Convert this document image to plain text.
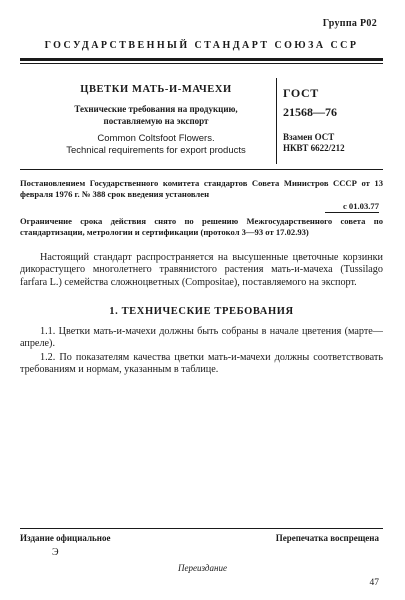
Группа Р02
ГОСУДАРСТВЕННЫЙ СТАНДАРТ СОЮЗА ССР
ЦВЕТКИ МАТЬ-И-МАЧЕХИ
Технические требования на продукцию,
поставляемую на экспорт
Common Coltsfoot Flowers.
Technical requirements for export products
ГОСТ
21568—76
Взамен ОСТ
НКВТ 6622/212
Постановлением Государственного комитета стандартов Совета Министров СССР от 13 февраля 1976 г. № 388 срок введения установлен
с 01.03.77
Ограничение срока действия снято по решению Межгосударственного совета по стандартизации, метрологии и сертификации (протокол 3—93 от 17.02.93)
Настоящий стандарт распространяется на высушенные цветочные корзинки дикорастущего многолетнего травянистого растения мать-и-мачеха (Tussilago farfara L.) семейства сложноцветных (Compositae), поставляемого на экспорт.
1. ТЕХНИЧЕСКИЕ ТРЕБОВАНИЯ
1.1. Цветки мать-и-мачехи должны быть собраны в начале цветения (марте—апреле).
1.2. По показателям качества цветки мать-и-мачехи должны соответствовать требованиям и нормам, указанным в таблице.
Издание официальное	Перепечатка воспрещена
Э
Переиздание
47
